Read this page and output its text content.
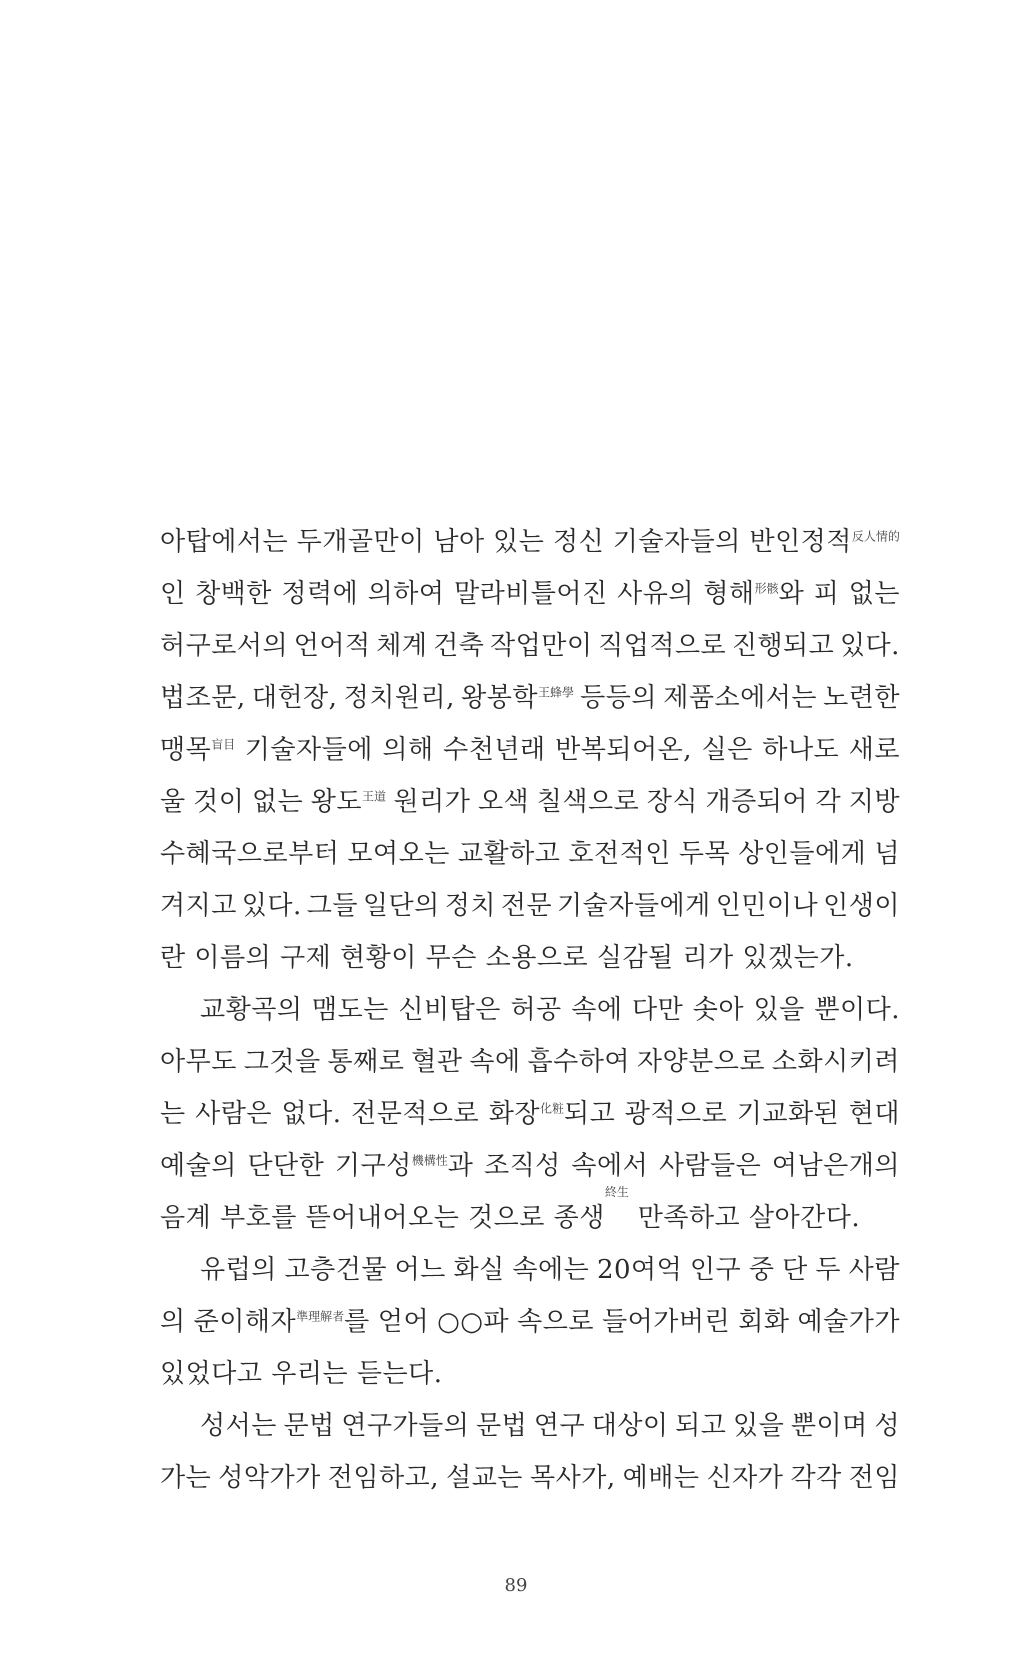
아탑에서는 두개골만이 남아 있는 정신 기술자들의 반인정적$^{反人情的}$
인 창백한 정력에 의하여 말라비틀어진 사유의 형해$^{形骸}$와 피 없는
허구로서의 언어적 체계 건축 작업만이 직업적으로 진행되고 있다.
법조문, 대헌장, 정치원리, 왕봉학$^{王蜂學}$ 등등의 제품소에서는 노련한
맹목$^{盲目}$ 기술자들에 의해 수천년래 반복되어온, 실은 하나도 새로
울 것이 없는 왕도$^{王道}$ 원리가 오색 칠색으로 장식 개증되어 각 지방
수혜국으로부터 모여오는 교활하고 호전적인 두목 상인들에게 넘
겨지고 있다. 그들 일단의 정치 전문 기술자들에게 인민이나 인생이
란 이름의 구제 현황이 무슨 소용으로 실감될 리가 있겠는가.
교황곡의 맴도는 신비탑은 허공 속에 다만 솟아 있을 뿐이다.
아무도 그것을 통째로 혈관 속에 흡수하여 자양분으로 소화시키려
는 사람은 없다. 전문적으로 화장$^{化粧}$되고 광적으로 기교화된 현대
예술의 단단한 기구성$^{機構性}$과 조직성 속에서 사람들은 여남은개의
음계 부호를 뜯어내어오는 것으로 종생
終生
만족하고 살아간다.
유럽의 고층건물 어느 화실 속에는 20여억 인구 중 단 두 사람
의 준이해자$^{準理解者}$를 얻어 ○○파 속으로 들어가버린 회화 예술가가
있었다고 우리는 듣는다.
성서는 문법 연구가들의 문법 연구 대상이 되고 있을 뿐이며 성
가는 성악가가 전임하고, 설교는 목사가, 예배는 신자가 각각 전임
89
